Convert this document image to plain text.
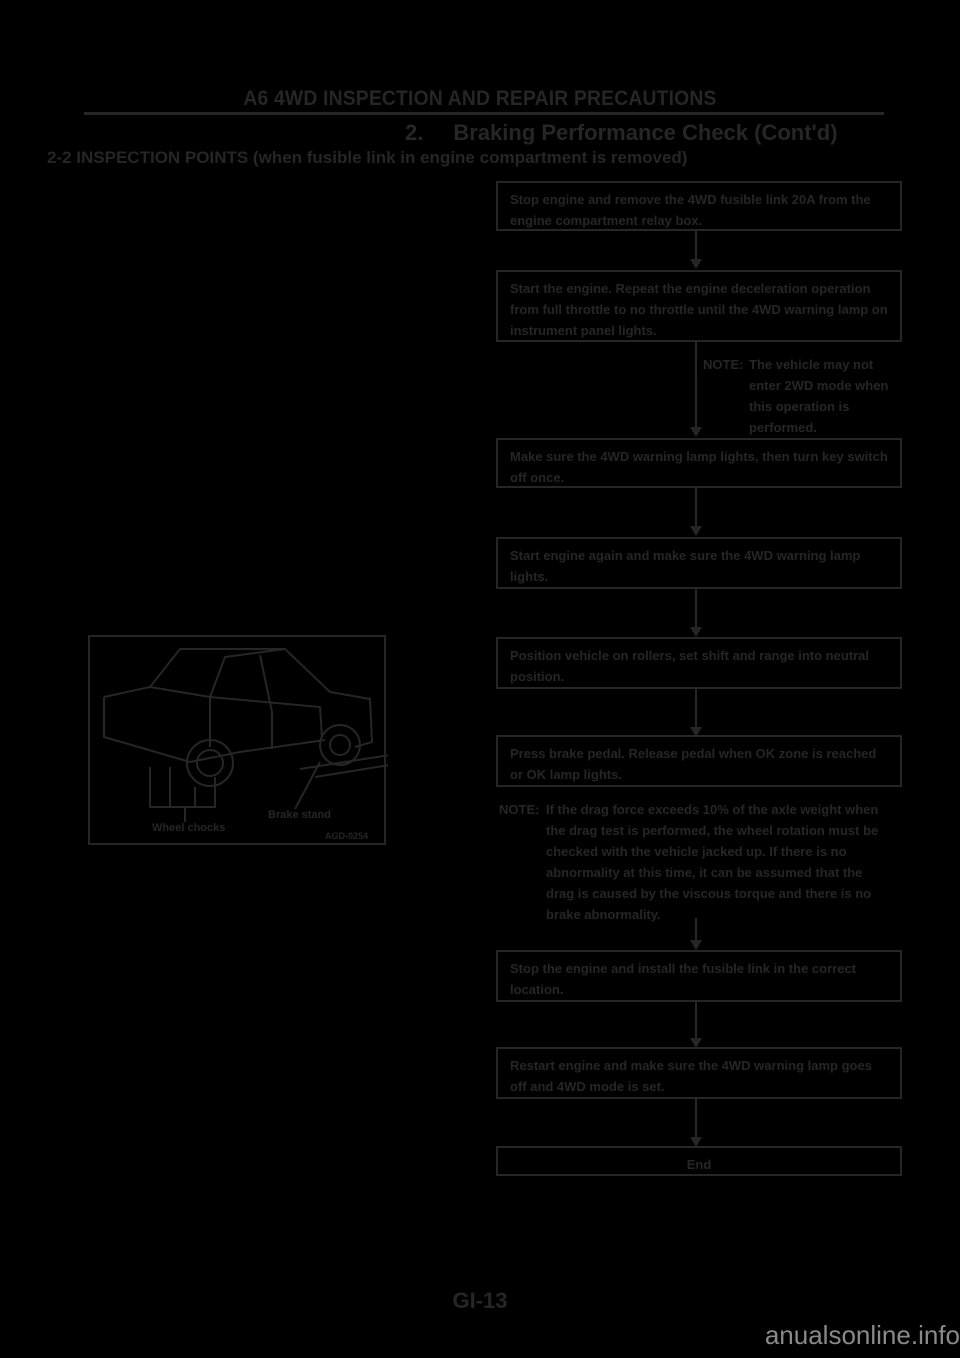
A6 4WD INSPECTION AND REPAIR PRECAUTIONS
2. Braking Performance Check (Cont'd)
2-2 INSPECTION POINTS (when fusible link in engine compartment is removed)
Stop engine and remove the 4WD fusible link 20A from the engine compartment relay box.
Start the engine. Repeat the engine deceleration operation from full throttle to no throttle until the 4WD warning lamp on instrument panel lights.
NOTE: The vehicle may not enter 2WD mode when this operation is performed.
Make sure the 4WD warning lamp lights, then turn key switch off once.
Start engine again and make sure the 4WD warning lamp lights.
Position vehicle on rollers, set shift and range into neutral position.
Press brake pedal. Release pedal when OK zone is reached or OK lamp lights.
NOTE: If the drag force exceeds 10% of the axle weight when the drag test is performed, the wheel rotation must be checked with the vehicle jacked up. If there is no abnormality at this time, it can be assumed that the drag is caused by the viscous torque and there is no brake abnormality.
Stop the engine and install the fusible link in the correct location.
Restart engine and make sure the 4WD warning lamp goes off and 4WD mode is set.
End
Wheel chocks
Brake stand
AGD-0254
GI-13
anualsonline.info
